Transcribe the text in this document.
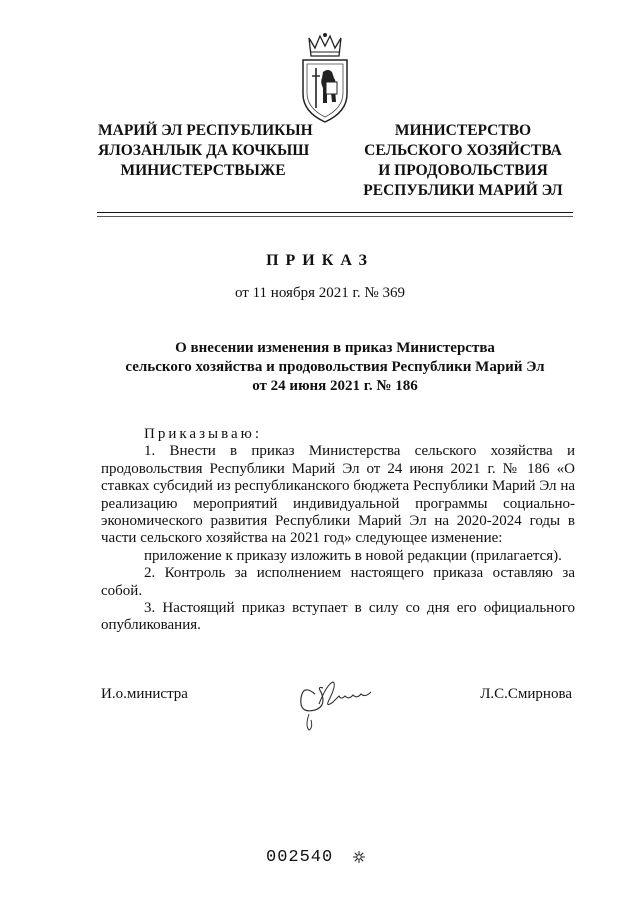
МАРИЙ ЭЛ РЕСПУБЛИКЫН
ЯЛОЗАНЛЫК ДА КОЧКЫШ
МИНИСТЕРСТВЫЖЕ
МИНИСТЕРСТВО
СЕЛЬСКОГО ХОЗЯЙСТВА
И ПРОДОВОЛЬСТВИЯ
РЕСПУБЛИКИ МАРИЙ ЭЛ
ПРИКАЗ
от 11 ноября 2021 г. № 369
О внесении изменения в приказ Министерства
сельского хозяйства и продовольствия Республики Марий Эл
от 24 июня 2021 г. № 186

Приказываю:

1. Внести в приказ Министерства сельского хозяйства и продовольствия Республики Марий Эл от 24 июня 2021 г. № 186 «О ставках субсидий из республиканского бюджета Республики Марий Эл на реализацию мероприятий индивидуальной программы социально-экономического развития Республики Марий Эл на 2020-2024 годы в части сельского хозяйства на 2021 год» следующее изменение:

приложение к приказу изложить в новой редакции (прилагается).

2. Контроль за исполнением настоящего приказа оставляю за собой.

3. Настоящий приказ вступает в силу со дня его официального опубликования.

И.о.министра	Л.С.Смирнова
002540
